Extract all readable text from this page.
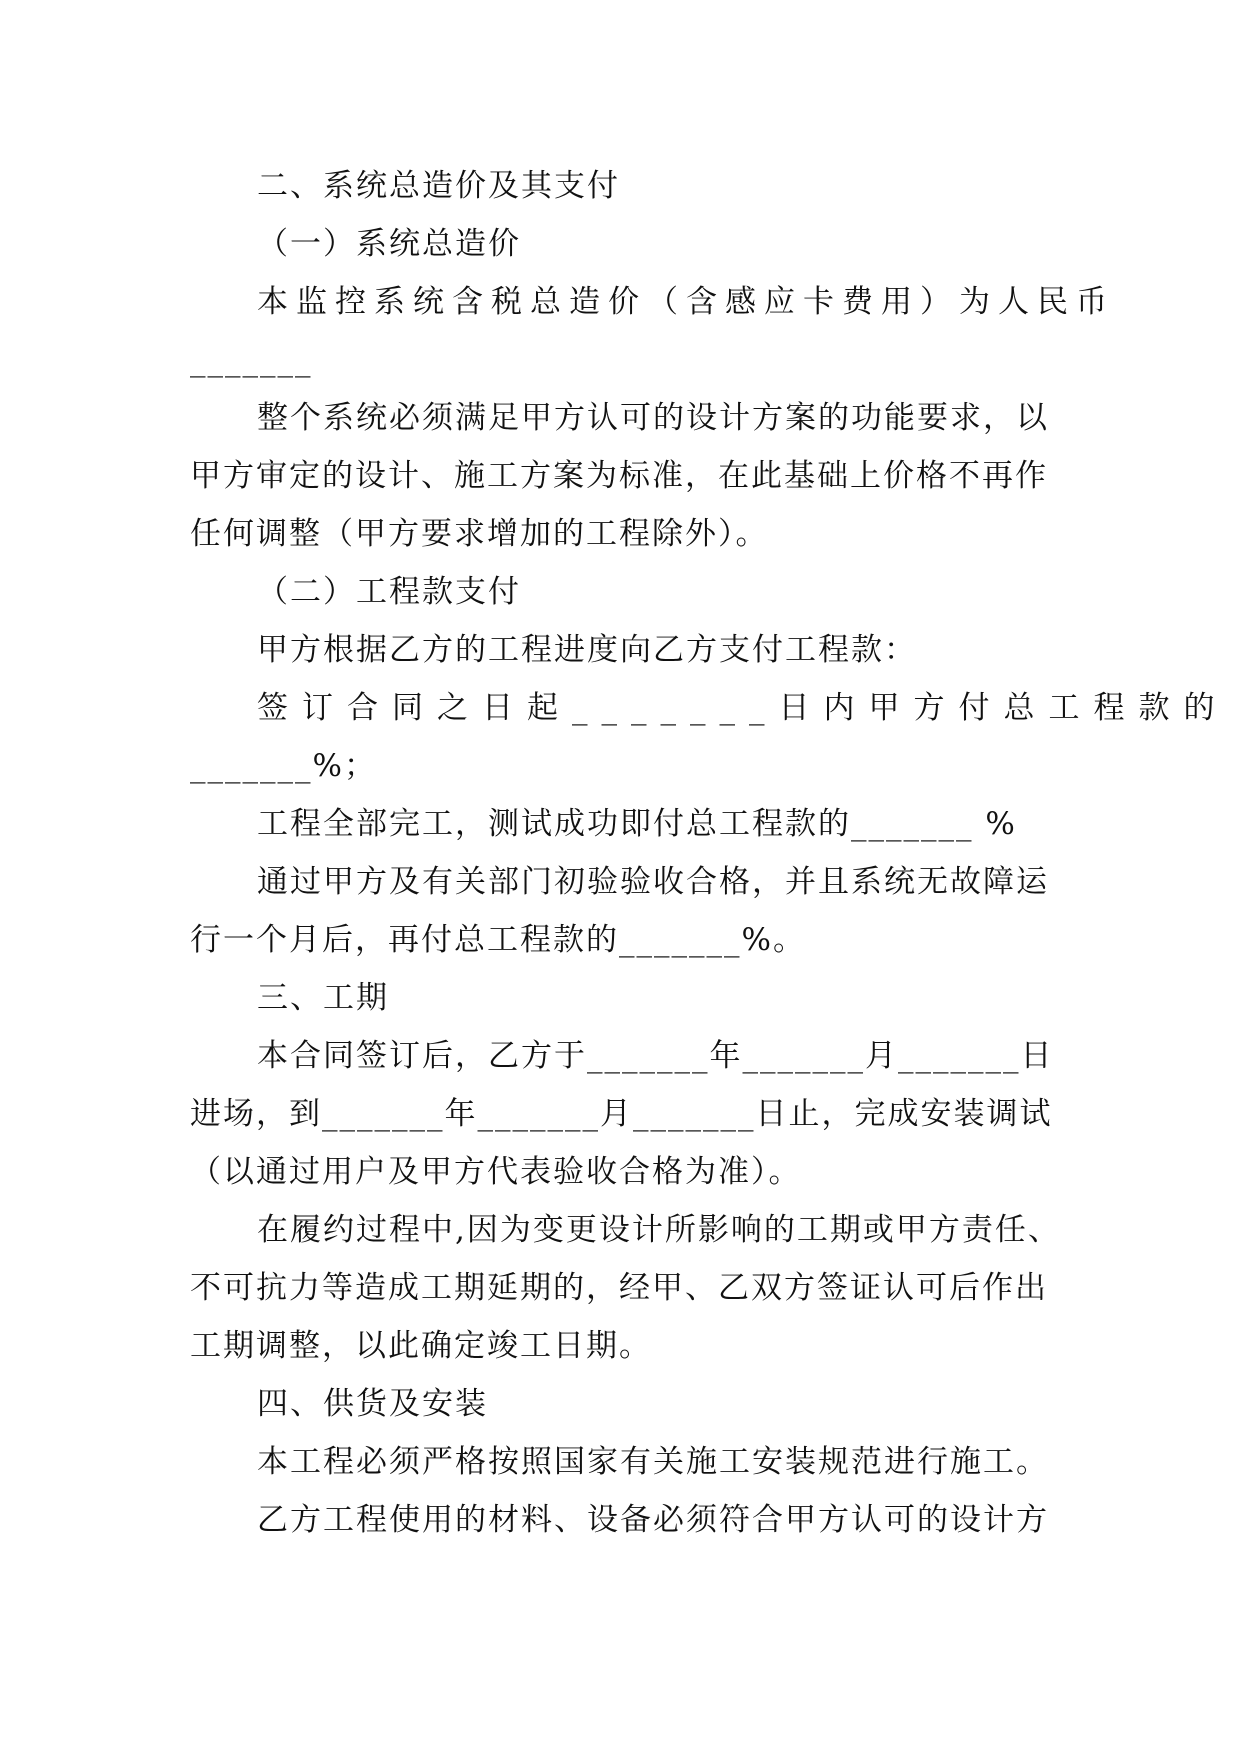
二、系统总造价及其支付
（一）系统总造价
本监控系统含税总造价（含感应卡费用）为人民币
_______
整个系统必须满足甲方认可的设计方案的功能要求，以
甲方审定的设计、施工方案为标准，在此基础上价格不再作
任何调整（甲方要求增加的工程除外）。
（二）工程款支付
甲方根据乙方的工程进度向乙方支付工程款：
签订合同之日起_______日内甲方付总工程款的
_______%；
工程全部完工，测试成功即付总工程款的_______ %
通过甲方及有关部门初验验收合格，并且系统无故障运
行一个月后，再付总工程款的_______%。
三、工期
本合同签订后，乙方于_______年_______月_______日
进场，到_______年_______月_______日止，完成安装调试
（以通过用户及甲方代表验收合格为准）。
在履约过程中,因为变更设计所影响的工期或甲方责任、
不可抗力等造成工期延期的，经甲、乙双方签证认可后作出
工期调整，以此确定竣工日期。
四、供货及安装
本工程必须严格按照国家有关施工安装规范进行施工。
乙方工程使用的材料、设备必须符合甲方认可的设计方
